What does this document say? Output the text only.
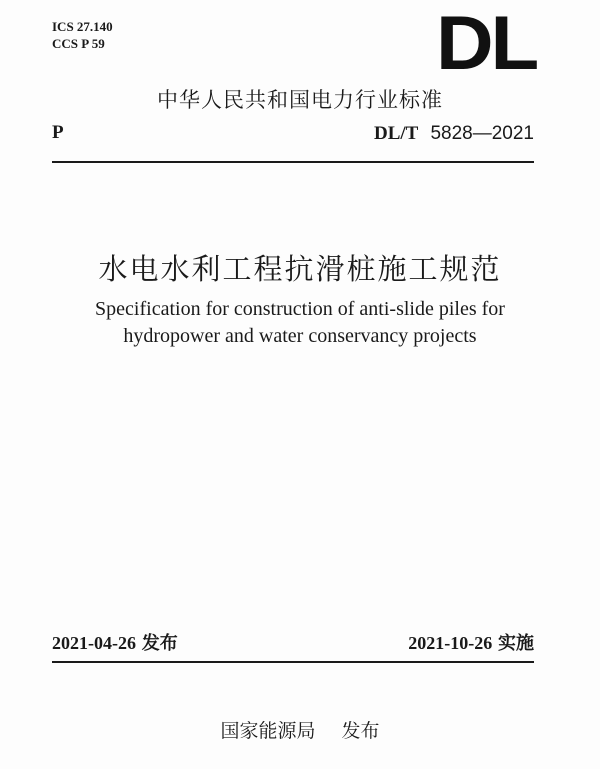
ICS 27.140
CCS P 59	DL
中华人民共和国电力行业标准
P	DL/T 5828—2021
水电水利工程抗滑桩施工规范
Specification for construction of anti-slide piles for
hydropower and water conservancy projects
2021-04-26 发布	2021-10-26 实施
国家能源局 发布
